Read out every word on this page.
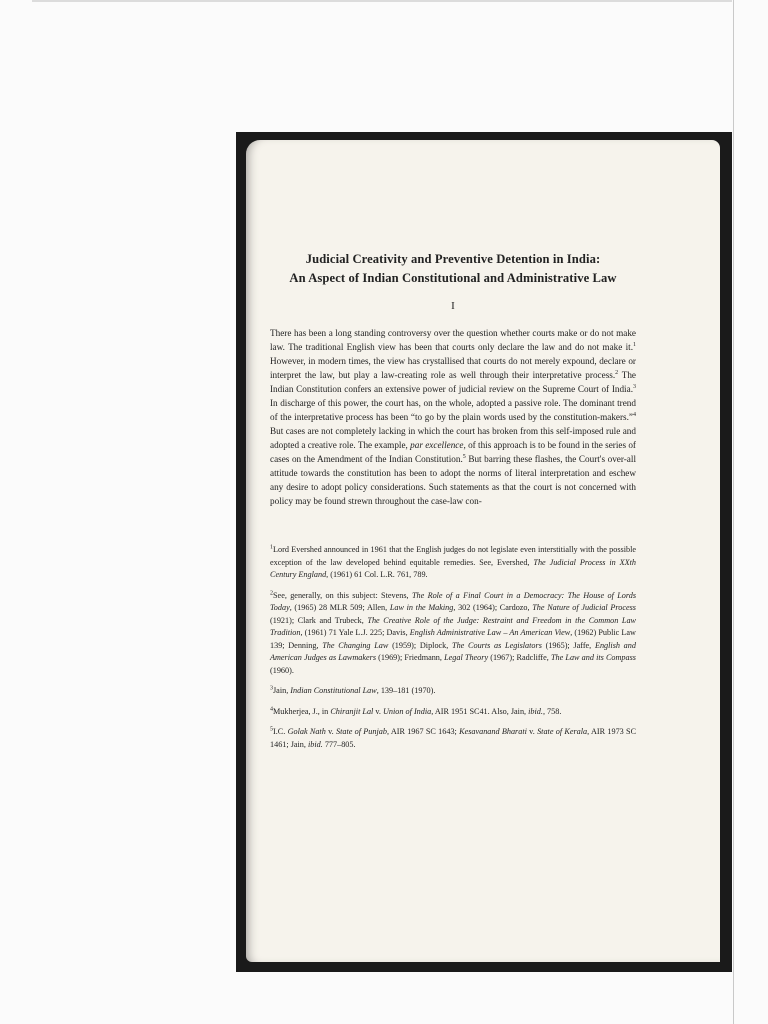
Judicial Creativity and Preventive Detention in India:
An Aspect of Indian Constitutional and Administrative Law

I

There has been a long standing controversy over the question whether courts make or do not make law. The traditional English view has been that courts only declare the law and do not make it.$^1$ However, in modern times, the view has crystallised that courts do not merely expound, declare or interpret the law, but play a law-creating role as well through their interpretative process.$^2$ The Indian Constitution confers an extensive power of judicial review on the Supreme Court of India.$^3$ In discharge of this power, the court has, on the whole, adopted a passive role. The dominant trend of the interpretative process has been “to go by the plain words used by the constitution-makers.”$^4$ But cases are not completely lacking in which the court has broken from this self-imposed rule and adopted a creative role. The example, par excellence, of this approach is to be found in the series of cases on the Amendment of the Indian Constitution.$^5$ But barring these flashes, the Court's over-all attitude towards the constitution has been to adopt the norms of literal interpretation and eschew any desire to adopt policy considerations. Such statements as that the court is not concerned with policy may be found strewn throughout the case-law con-

$^1$Lord Evershed announced in 1961 that the English judges do not legislate even interstitially with the possible exception of the law developed behind equitable remedies. See, Evershed, The Judicial Process in XXth Century England, (1961) 61 Col. L.R. 761, 789.

$^2$See, generally, on this subject: Stevens, The Role of a Final Court in a Democracy: The House of Lords Today, (1965) 28 MLR 509; Allen, Law in the Making, 302 (1964); Cardozo, The Nature of Judicial Process (1921); Clark and Trubeck, The Creative Role of the Judge: Restraint and Freedom in the Common Law Tradition, (1961) 71 Yale L.J. 225; Davis, English Administrative Law – An American View, (1962) Public Law 139; Denning, The Changing Law (1959); Diplock, The Courts as Legislators (1965); Jaffe, English and American Judges as Lawmakers (1969); Friedmann, Legal Theory (1967); Radcliffe, The Law and its Compass (1960).

$^3$Jain, Indian Constitutional Law, 139–181 (1970).

$^4$Mukherjea, J., in Chiranjit Lal v. Union of India, AIR 1951 SC41. Also, Jain, ibid., 758.

$^5$I.C. Golak Nath v. State of Punjab, AIR 1967 SC 1643; Kesavanand Bharati v. State of Kerala, AIR 1973 SC 1461; Jain, ibid. 777–805.
